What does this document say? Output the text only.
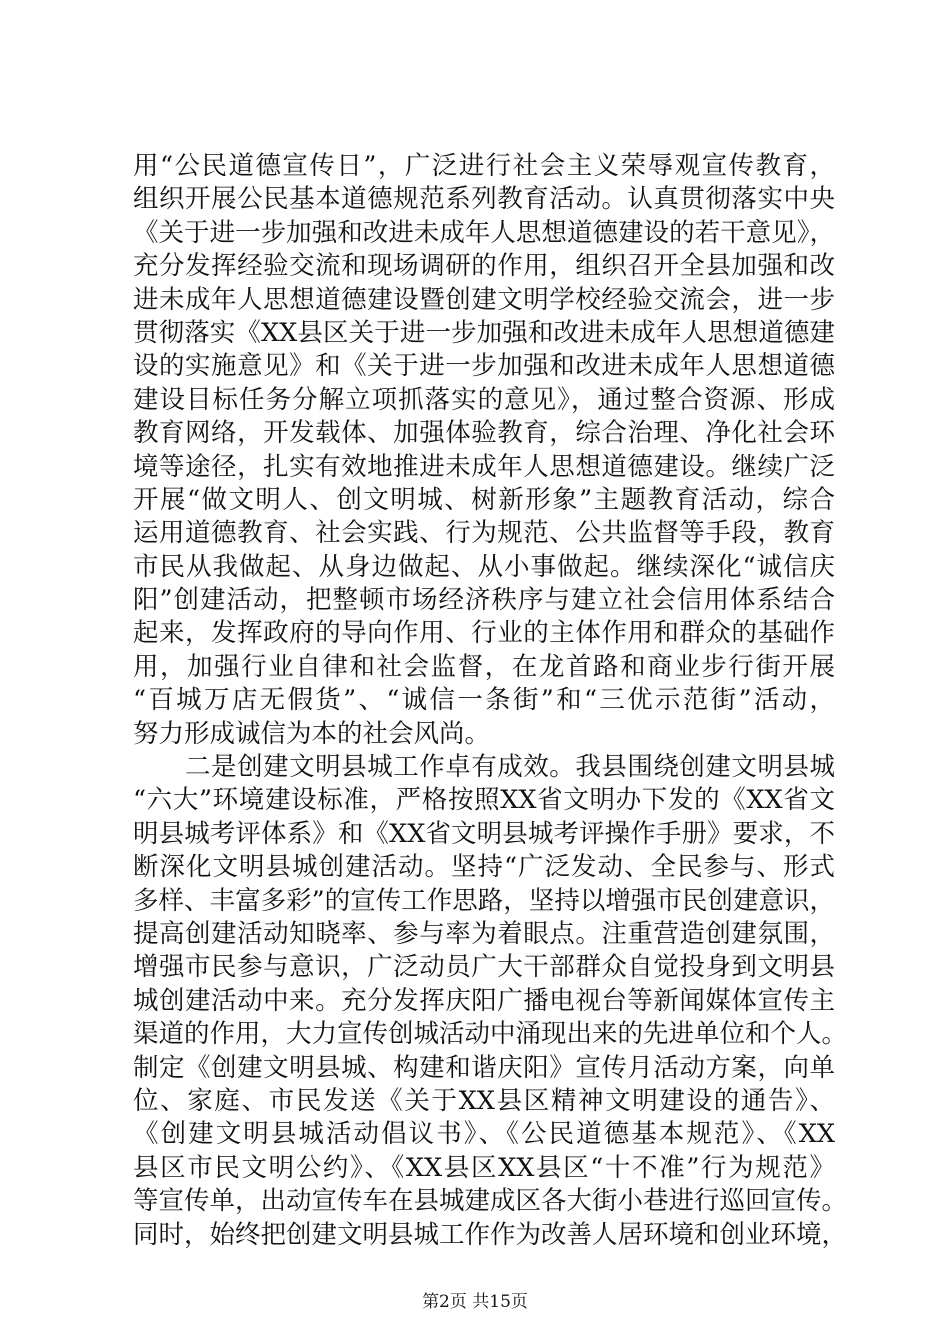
用“公民道德宣传日”，广泛进行社会主义荣辱观宣传教育，
组织开展公民基本道德规范系列教育活动。认真贯彻落实中央
《关于进一步加强和改进未成年人思想道德建设的若干意见》，
充分发挥经验交流和现场调研的作用，组织召开全县加强和改
进未成年人思想道德建设暨创建文明学校经验交流会，进一步
贯彻落实《XX县区关于进一步加强和改进未成年人思想道德建
设的实施意见》和《关于进一步加强和改进未成年人思想道德
建设目标任务分解立项抓落实的意见》，通过整合资源、形成
教育网络，开发载体、加强体验教育，综合治理、净化社会环
境等途径，扎实有效地推进未成年人思想道德建设。继续广泛
开展“做文明人、创文明城、树新形象”主题教育活动，综合
运用道德教育、社会实践、行为规范、公共监督等手段，教育
市民从我做起、从身边做起、从小事做起。继续深化“诚信庆
阳”创建活动，把整顿市场经济秩序与建立社会信用体系结合
起来，发挥政府的导向作用、行业的主体作用和群众的基础作
用，加强行业自律和社会监督，在龙首路和商业步行街开展
“百城万店无假货”、“诚信一条街”和“三优示范街”活动，
努力形成诚信为本的社会风尚。
　　二是创建文明县城工作卓有成效。我县围绕创建文明县城
“六大”环境建设标准，严格按照XX省文明办下发的《XX省文
明县城考评体系》和《XX省文明县城考评操作手册》要求，不
断深化文明县城创建活动。坚持“广泛发动、全民参与、形式
多样、丰富多彩”的宣传工作思路，坚持以增强市民创建意识，
提高创建活动知晓率、参与率为着眼点。注重营造创建氛围，
增强市民参与意识，广泛动员广大干部群众自觉投身到文明县
城创建活动中来。充分发挥庆阳广播电视台等新闻媒体宣传主
渠道的作用，大力宣传创城活动中涌现出来的先进单位和个人。
制定《创建文明县城、构建和谐庆阳》宣传月活动方案，向单
位、家庭、市民发送《关于XX县区精神文明建设的通告》、
《创建文明县城活动倡议书》、《公民道德基本规范》、《XX
县区市民文明公约》、《XX县区XX县区“十不准”行为规范》
等宣传单，出动宣传车在县城建成区各大街小巷进行巡回宣传。
同时，始终把创建文明县城工作作为改善人居环境和创业环境，
第2页 共15页
